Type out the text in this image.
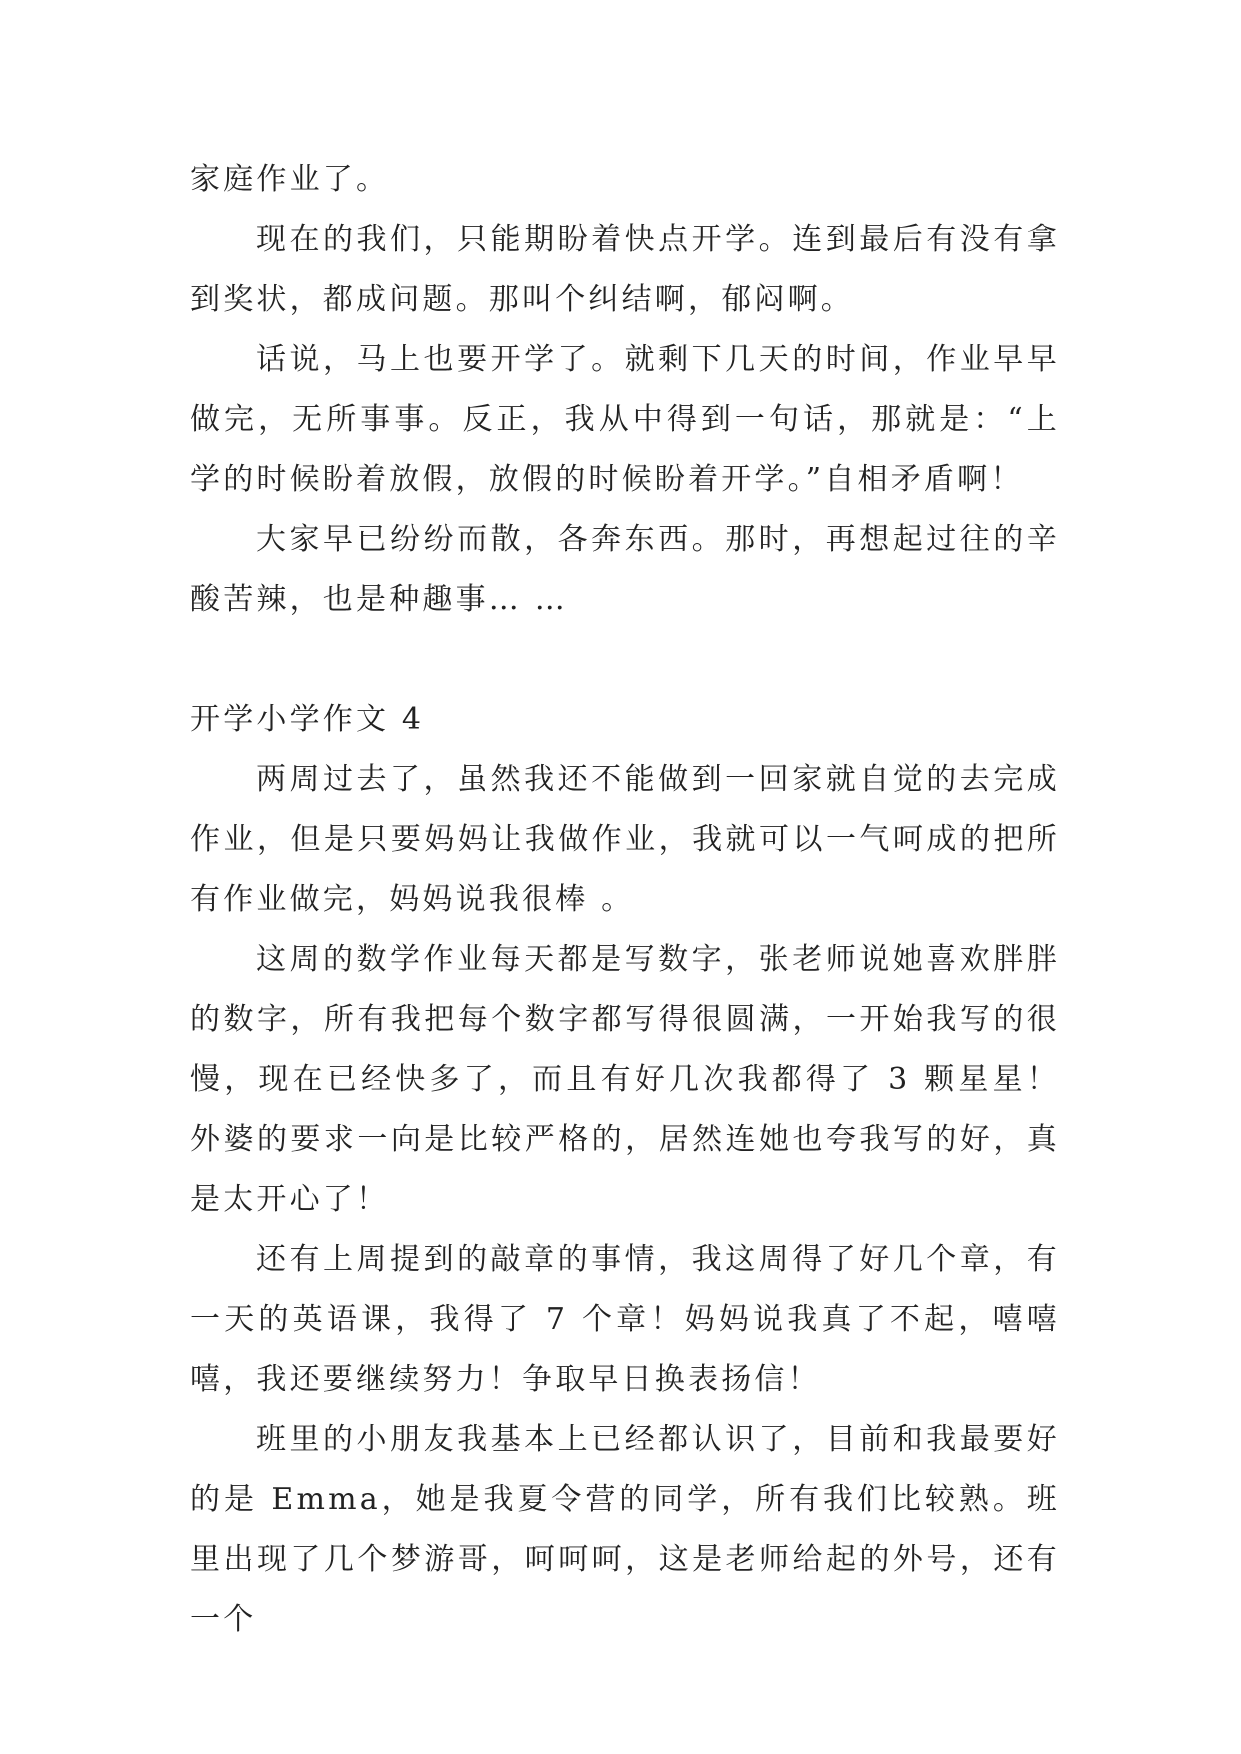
家庭作业了。

现在的我们，只能期盼着快点开学。连到最后有没有拿到奖状，都成问题。那叫个纠结啊，郁闷啊。

话说，马上也要开学了。就剩下几天的时间，作业早早做完，无所事事。反正，我从中得到一句话，那就是：“上学的时候盼着放假，放假的时候盼着开学。”自相矛盾啊！

大家早已纷纷而散，各奔东西。那时，再想起过往的辛酸苦辣，也是种趣事… …

开学小学作文 4

两周过去了，虽然我还不能做到一回家就自觉的去完成作业，但是只要妈妈让我做作业，我就可以一气呵成的把所有作业做完，妈妈说我很棒 。

这周的数学作业每天都是写数字，张老师说她喜欢胖胖的数字，所有我把每个数字都写得很圆满，一开始我写的很慢，现在已经快多了，而且有好几次我都得了 3 颗星星！外婆的要求一向是比较严格的，居然连她也夸我写的好，真是太开心了！

还有上周提到的敲章的事情，我这周得了好几个章，有一天的英语课，我得了 7 个章！妈妈说我真了不起，嘻嘻嘻，我还要继续努力！争取早日换表扬信！

班里的小朋友我基本上已经都认识了，目前和我最要好的是 Emma，她是我夏令营的同学，所有我们比较熟。班里出现了几个梦游哥，呵呵呵，这是老师给起的外号，还有一个
